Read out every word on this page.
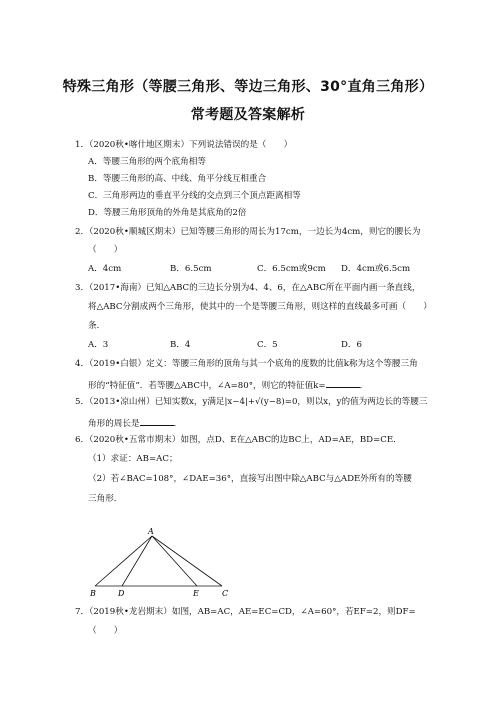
特殊三角形（等腰三角形、等边三角形、30°直角三角形）
常考题及答案解析
1．（2020秋•喀什地区期末）下列说法错误的是（　　）
A．等腰三角形的两个底角相等
B．等腰三角形的高、中线、角平分线互相重合
C．三角形两边的垂直平分线的交点到三个顶点距离相等
D．等腰三角形顶角的外角是其底角的2倍
2．（2020秋•顺城区期末）已知等腰三角形的周长为17cm，一边长为4cm，则它的腰长为
（　　）
A．4cm	B．6.5cm	C．6.5cm或9cm D．4cm或6.5cm
3．（2017•海南）已知△ABC的三边长分别为4、4、6，在△ABC所在平面内画一条直线，
将△ABC分割成两个三角形，使其中的一个是等腰三角形，则这样的直线最多可画（　　）
条．
A．3	B．4	C．5	D．6
4．（2019•白银）定义：等腰三角形的顶角与其一个底角的度数的比值k称为这个等腰三角
形的“特征值”．若等腰△ABC中，∠A=80°，则它的特征值k=	．
5．（2013•凉山州）已知实数x，y满足|x−4|+√(y−8)=0，则以x，y的值为两边长的等腰三
角形的周长是	．
6．（2020秋•五常市期末）如图，点D、E在△ABC的边BC上，AD=AE，BD=CE．
（1）求证：AB=AC；
（2）若∠BAC=108°，∠DAE=36°，直接写出图中除△ABC与△ADE外所有的等腰
三角形．
A
B	D	E	C
7．（2019秋•龙岩期末）如图，AB=AC，AE=EC=CD，∠A=60°，若EF=2，则DF=
（　　）
